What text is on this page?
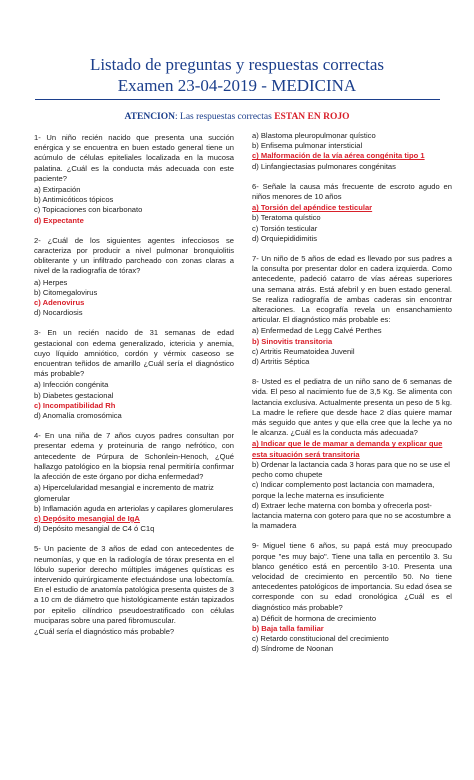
Listado de preguntas y respuestas correctas
Examen 23-04-2019 - MEDICINA
ATENCION: Las respuestas correctas ESTAN EN ROJO
1- Un niño recién nacido que presenta una succión enérgica y se encuentra en buen estado general tiene un acúmulo de células epiteliales localizada en la mucosa palatina. ¿Cuál es la conducta más adecuada con este paciente?
a) Extirpación
b) Antimicóticos tópicos
c) Topicaciones con bicarbonato
d) Expectante
2- ¿Cuál de los siguientes agentes infecciosos se caracteriza por producir a nivel pulmonar bronquiolitis obliterante y un infiltrado parcheado con zonas claras a nivel de la radiografía de tórax?
a) Herpes
b) Citomegalovirus
c) Adenovirus
d) Nocardiosis
3- En un recién nacido de 31 semanas de edad gestacional con edema generalizado, ictericia y anemia, cuyo líquido amniótico, cordón y vérmix caseoso se encuentran teñidos de amarillo ¿Cuál sería el diagnóstico más probable?
a) Infección congénita
b) Diabetes gestacional
c) Incompatibilidad Rh
d) Anomalía cromosómica
4- En una niña de 7 años cuyos padres consultan por presentar edema y proteinuria de rango nefrótico, con antecedente de Púrpura de Schonlein-Henoch, ¿Qué hallazgo patológico en la biopsia renal permitiría confirmar la afección de este órgano por dicha enfermedad?
a) Hipercelularidad mesangial e incremento de matriz glomerular
b) Inflamación aguda en arteriolas y capilares glomerulares
c) Depósito mesangial de IgA
d) Depósito mesangial de C4 ó C1q
5- Un paciente de 3 años de edad con antecedentes de neumonías, y que en la radiología de tórax presenta en el lóbulo superior derecho múltiples imágenes quísticas es intervenido quirúrgicamente efectuándose una lobectomía. En el estudio de anatomía patológica presenta quistes de 3 a 10 cm de diámetro que histológicamente están tapizados por epitelio cilíndrico pseudoestratificado con células muciparas sobre una pared fibromuscular.
¿Cuál sería el diagnóstico más probable?
a) Blastoma pleuropulmonar quístico
b) Enfisema pulmonar intersticial
c) Malformación de la vía aérea congénita tipo 1
d) Linfangiectasias pulmonares congénitas
6- Señale la causa más frecuente de escroto agudo en niños menores de 10 años
a) Torsión del apéndice testicular
b) Teratoma quístico
c) Torsión testicular
d) Orquiepididimitis
7- Un niño de 5 años de edad es llevado por sus padres a la consulta por presentar dolor en cadera izquierda. Como antecedente, padeció catarro de vías aéreas superiores una semana atrás. Está afebril y en buen estado general. Se realiza radiografía de ambas caderas sin encontrar alteraciones. La ecografía revela un ensanchamiento articular. El diagnóstico más probable es:
a) Enfermedad de Legg Calvé Perthes
b) Sinovitis transitoria
c) Artritis Reumatoidea Juvenil
d) Artritis Séptica
8- Usted es el pediatra de un niño sano de 6 semanas de vida. El peso al nacimiento fue de 3,5 Kg. Se alimenta con lactancia exclusiva. Actualmente presenta un peso de 5 kg. La madre le refiere que desde hace 2 días quiere mamar más seguido que antes y que ella cree que la leche ya no le alcanza. ¿Cuál es la conducta más adecuada?
a) Indicar que le de mamar a demanda y explicar que esta situación será transitoria
b) Ordenar la lactancia cada 3 horas para que no se use el pecho como chupete
c) Indicar complemento post lactancia con mamadera, porque la leche materna es insuficiente
d) Extraer leche materna con bomba y ofrecerla post-lactancia materna con gotero para que no se acostumbre a la mamadera
9- Miguel tiene 6 años, su papá está muy preocupado porque "es muy bajo". Tiene una talla en percentilo 3. Su blanco genético está en percentilo 3-10. Presenta una velocidad de crecimiento en percentilo 50. No tiene antecedentes patológicos de importancia. Su edad ósea se corresponde con su edad cronológica ¿Cuál es el diagnóstico más probable?
a) Déficit de hormona de crecimiento
b) Baja talla familiar
c) Retardo constitucional del crecimiento
d) Síndrome de Noonan
